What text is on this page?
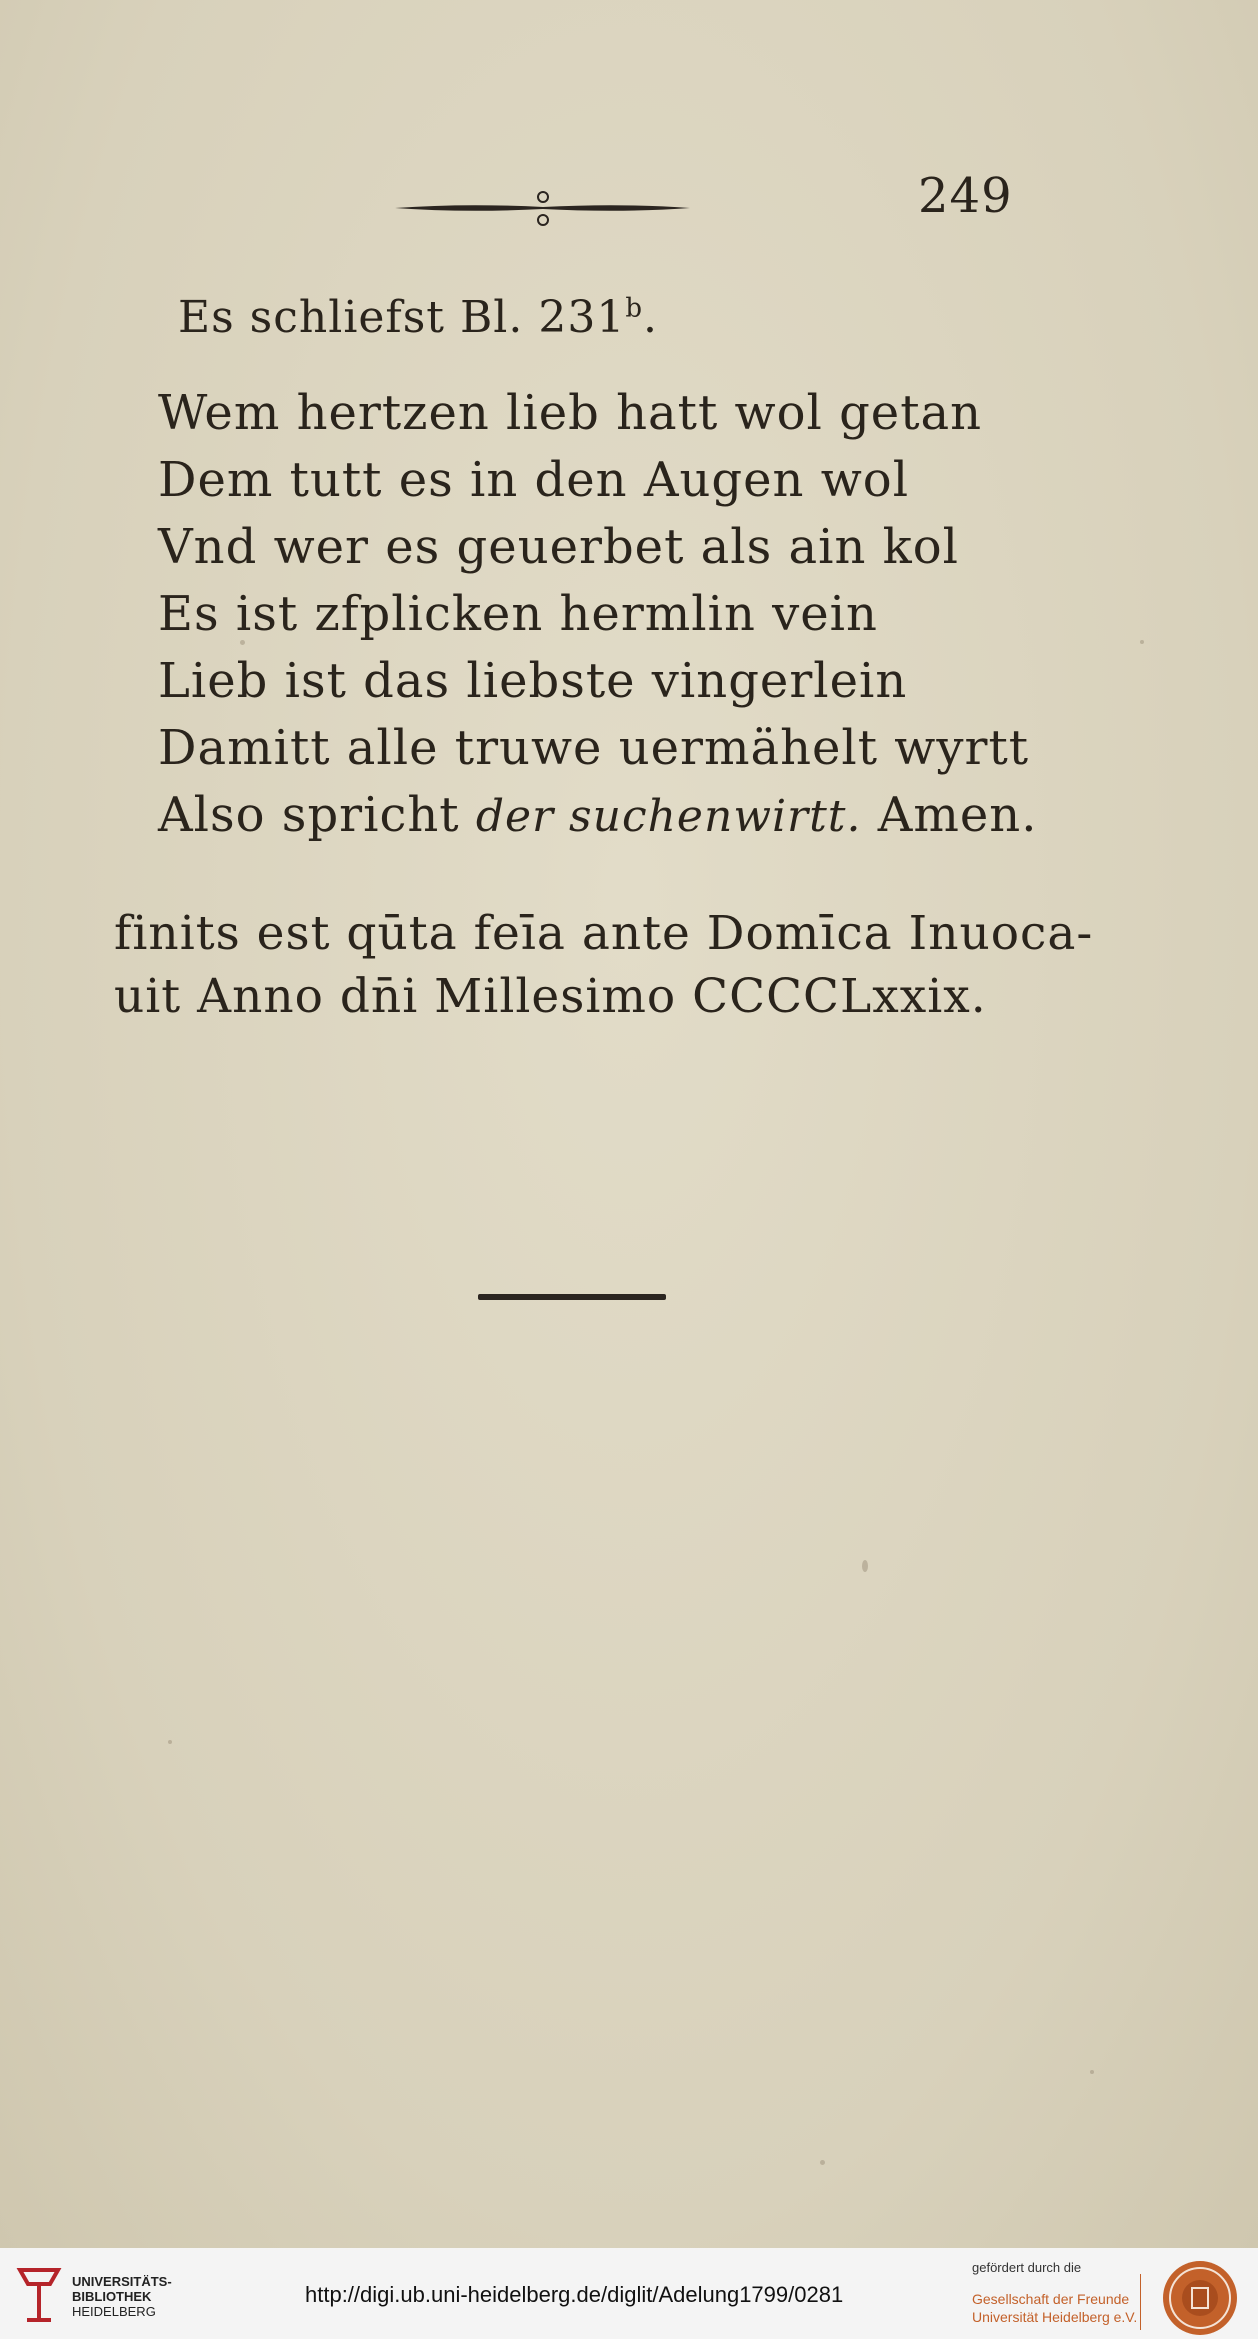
249
Es schliefst Bl. 231$^b$.
Wem hertzen lieb hatt wol getan
Dem tutt es in den Augen wol
Vnd wer es geuerbet als ain kol
Es ist zfplicken hermlin vein
Lieb ist das liebste vingerlein
Damitt alle truwe uermähelt wyrtt
Also spricht der suchenwirtt. Amen.
finits est qūta feīa ante Domīca Inuoca-
uit Anno dn̄i Millesimo CCCCLxxix.
UNIVERSITÄTS-
BIBLIOTHEK
HEIDELBERG
http://digi.ub.uni-heidelberg.de/diglit/Adelung1799/0281
gefördert durch die
Gesellschaft der Freunde
Universität Heidelberg e.V.
